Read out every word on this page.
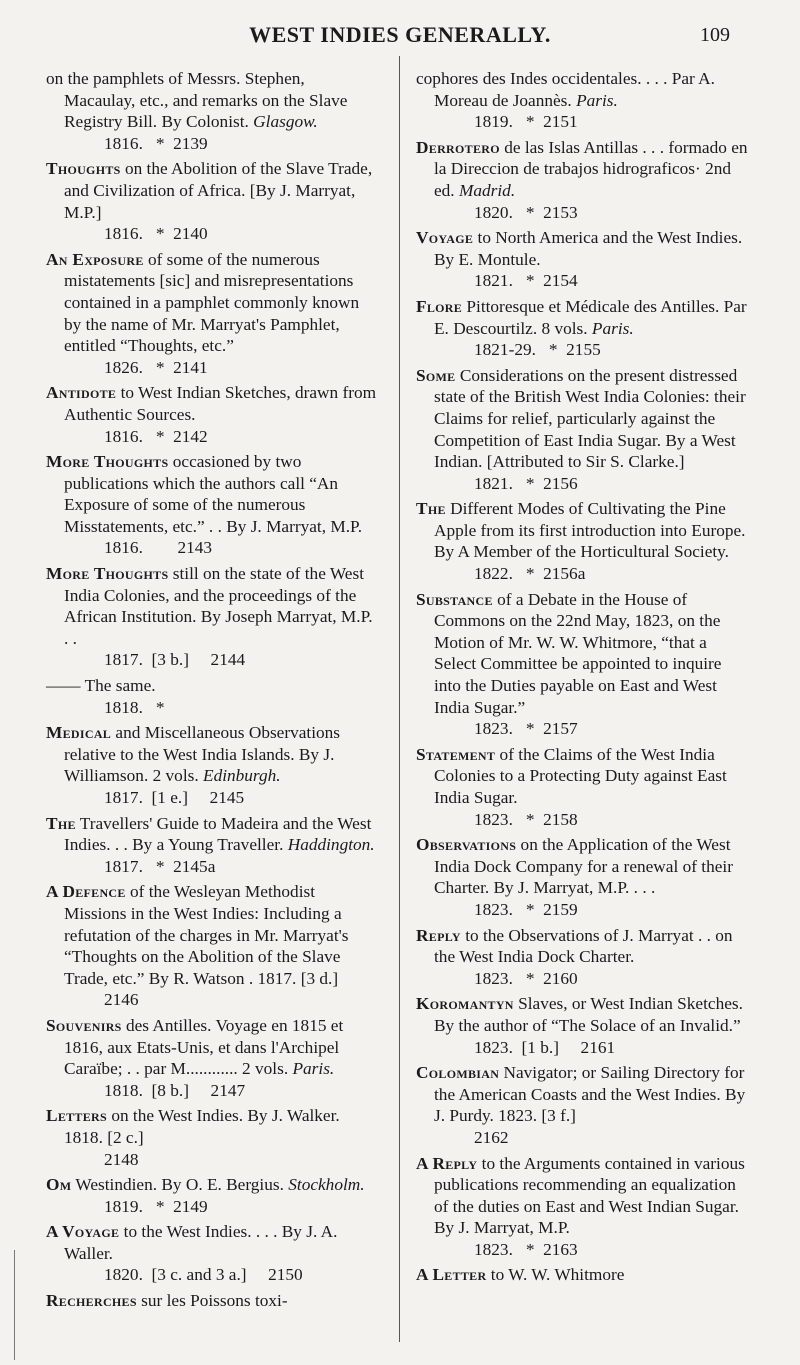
WEST INDIES GENERALLY.	109
on the pamphlets of Messrs. Stephen, Macaulay, etc., and remarks on the Slave Registry Bill. By Colonist. Glasgow.
1816.   *  2139
Thoughts on the Abolition of the Slave Trade, and Civilization of Africa. [By J. Marryat, M.P.]
1816.   *  2140
An Exposure of some of the numerous mistatements [sic] and misrepresentations contained in a pamphlet commonly known by the name of Mr. Marryat's Pamphlet, entitled “Thoughts, etc.”
1826.   *  2141
Antidote to West Indian Sketches, drawn from Authentic Sources.
1816.   *  2142
More Thoughts occasioned by two publications which the authors call “An Exposure of some of the numerous Misstatements, etc.” . . By J. Marryat, M.P.
1816.        2143
More Thoughts still on the state of the West India Colonies, and the proceedings of the African Institution. By Joseph Marryat, M.P. . .
1817.  [3 b.]     2144
—— The same.
1818.   *
Medical and Miscellaneous Observations relative to the West India Islands. By J. Williamson. 2 vols. Edinburgh.
1817.  [1 e.]     2145
The Travellers' Guide to Madeira and the West Indies. . . By a Young Traveller. Haddington.
1817.   *  2145a
A Defence of the Wesleyan Methodist Missions in the West Indies: Including a refutation of the charges in Mr. Marryat's “Thoughts on the Abolition of the Slave Trade, etc.” By R. Watson . 1817. [3 d.]
2146
Souvenirs des Antilles. Voyage en 1815 et 1816, aux Etats-Unis, et dans l'Archipel Caraïbe; . . par M............ 2 vols. Paris.
1818.  [8 b.]     2147
Letters on the West Indies. By J. Walker. 1818. [2 c.]
2148
Om Westindien. By O. E. Bergius. Stockholm.
1819.   *  2149
A Voyage to the West Indies. . . . By J. A. Waller.
1820.  [3 c. and 3 a.]     2150
Recherches sur les Poissons toxi-
cophores des Indes occidentales. . . . Par A. Moreau de Joannès. Paris.
1819.   *  2151
Derrotero de las Islas Antillas . . . formado en la Direccion de trabajos hidrograficos· 2nd ed. Madrid.
1820.   *  2153
Voyage to North America and the West Indies. By E. Montule.
1821.   *  2154
Flore Pittoresque et Médicale des Antilles. Par E. Descourtilz. 8 vols. Paris.
1821-29.   *  2155
Some Considerations on the present distressed state of the British West India Colonies: their Claims for relief, particularly against the Competition of East India Sugar. By a West Indian. [Attributed to Sir S. Clarke.]
1821.   *  2156
The Different Modes of Cultivating the Pine Apple from its first introduction into Europe. By A Member of the Horticultural Society.
1822.   *  2156a
Substance of a Debate in the House of Commons on the 22nd May, 1823, on the Motion of Mr. W. W. Whitmore, “that a Select Committee be appointed to inquire into the Duties payable on East and West India Sugar.”
1823.   *  2157
Statement of the Claims of the West India Colonies to a Protecting Duty against East India Sugar.
1823.   *  2158
Observations on the Application of the West India Dock Company for a renewal of their Charter. By J. Marryat, M.P. . . .
1823.   *  2159
Reply to the Observations of J. Marryat . . on the West India Dock Charter.
1823.   *  2160
Koromantyn Slaves, or West Indian Sketches. By the author of “The Solace of an Invalid.”
1823.  [1 b.]     2161
Colombian Navigator; or Sailing Directory for the American Coasts and the West Indies. By J. Purdy. 1823. [3 f.]
2162
A Reply to the Arguments contained in various publications recommending an equalization of the duties on East and West Indian Sugar. By J. Marryat, M.P.
1823.   *  2163
A Letter to W. W. Whitmore
